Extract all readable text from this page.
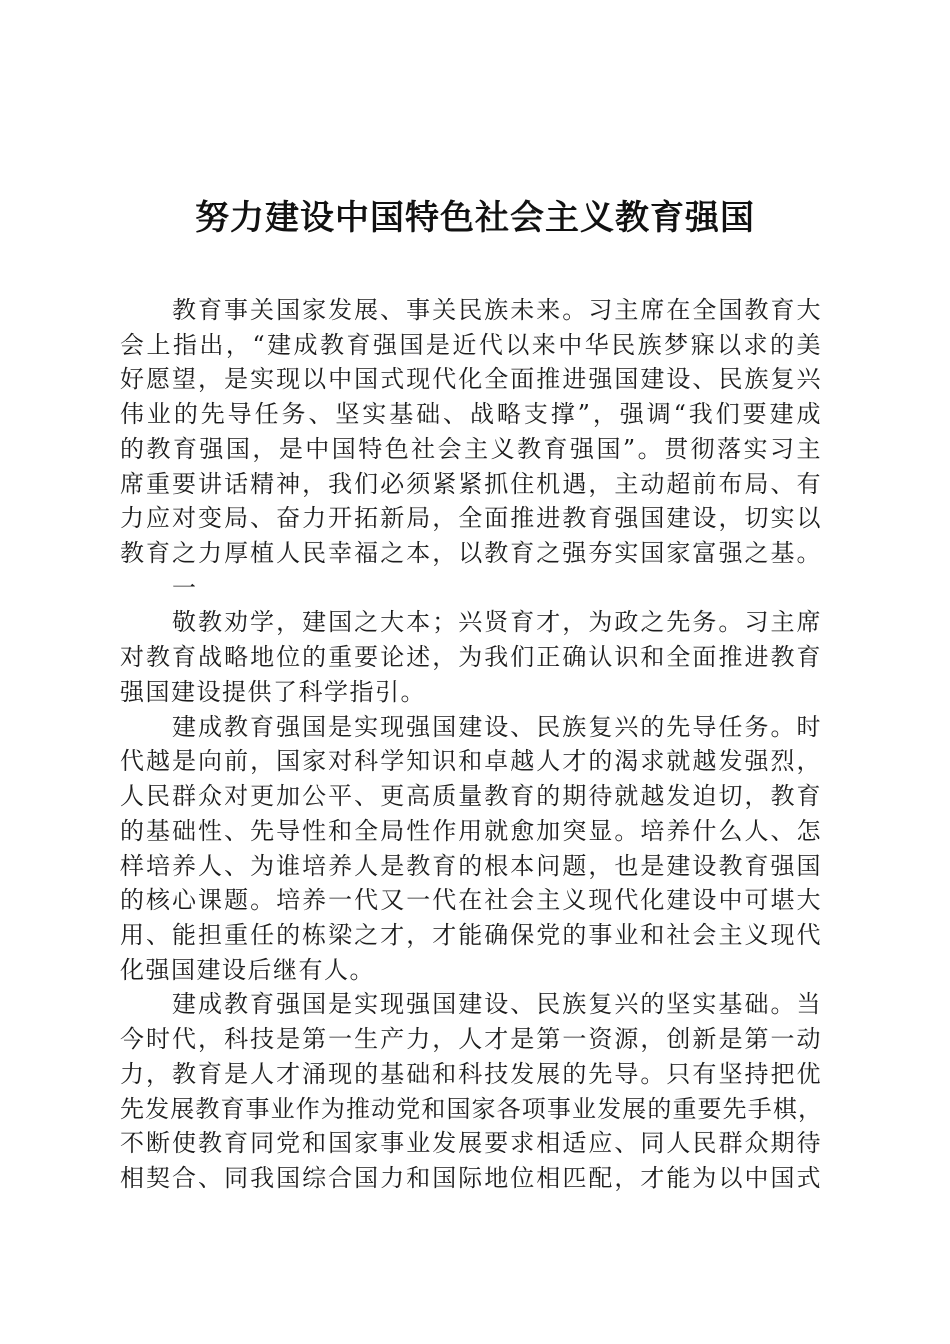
努力建设中国特色社会主义教育强国
教育事关国家发展、事关民族未来。习主席在全国教育大
会上指出，“建成教育强国是近代以来中华民族梦寐以求的美
好愿望，是实现以中国式现代化全面推进强国建设、民族复兴
伟业的先导任务、坚实基础、战略支撑”，强调“我们要建成
的教育强国，是中国特色社会主义教育强国”。贯彻落实习主
席重要讲话精神，我们必须紧紧抓住机遇，主动超前布局、有
力应对变局、奋力开拓新局，全面推进教育强国建设，切实以
教育之力厚植人民幸福之本，以教育之强夯实国家富强之基。
一
敬教劝学，建国之大本；兴贤育才，为政之先务。习主席
对教育战略地位的重要论述，为我们正确认识和全面推进教育
强国建设提供了科学指引。
建成教育强国是实现强国建设、民族复兴的先导任务。时
代越是向前，国家对科学知识和卓越人才的渴求就越发强烈，
人民群众对更加公平、更高质量教育的期待就越发迫切，教育
的基础性、先导性和全局性作用就愈加突显。培养什么人、怎
样培养人、为谁培养人是教育的根本问题，也是建设教育强国
的核心课题。培养一代又一代在社会主义现代化建设中可堪大
用、能担重任的栋梁之才，才能确保党的事业和社会主义现代
化强国建设后继有人。
建成教育强国是实现强国建设、民族复兴的坚实基础。当
今时代，科技是第一生产力，人才是第一资源，创新是第一动
力，教育是人才涌现的基础和科技发展的先导。只有坚持把优
先发展教育事业作为推动党和国家各项事业发展的重要先手棋，
不断使教育同党和国家事业发展要求相适应、同人民群众期待
相契合、同我国综合国力和国际地位相匹配，才能为以中国式
